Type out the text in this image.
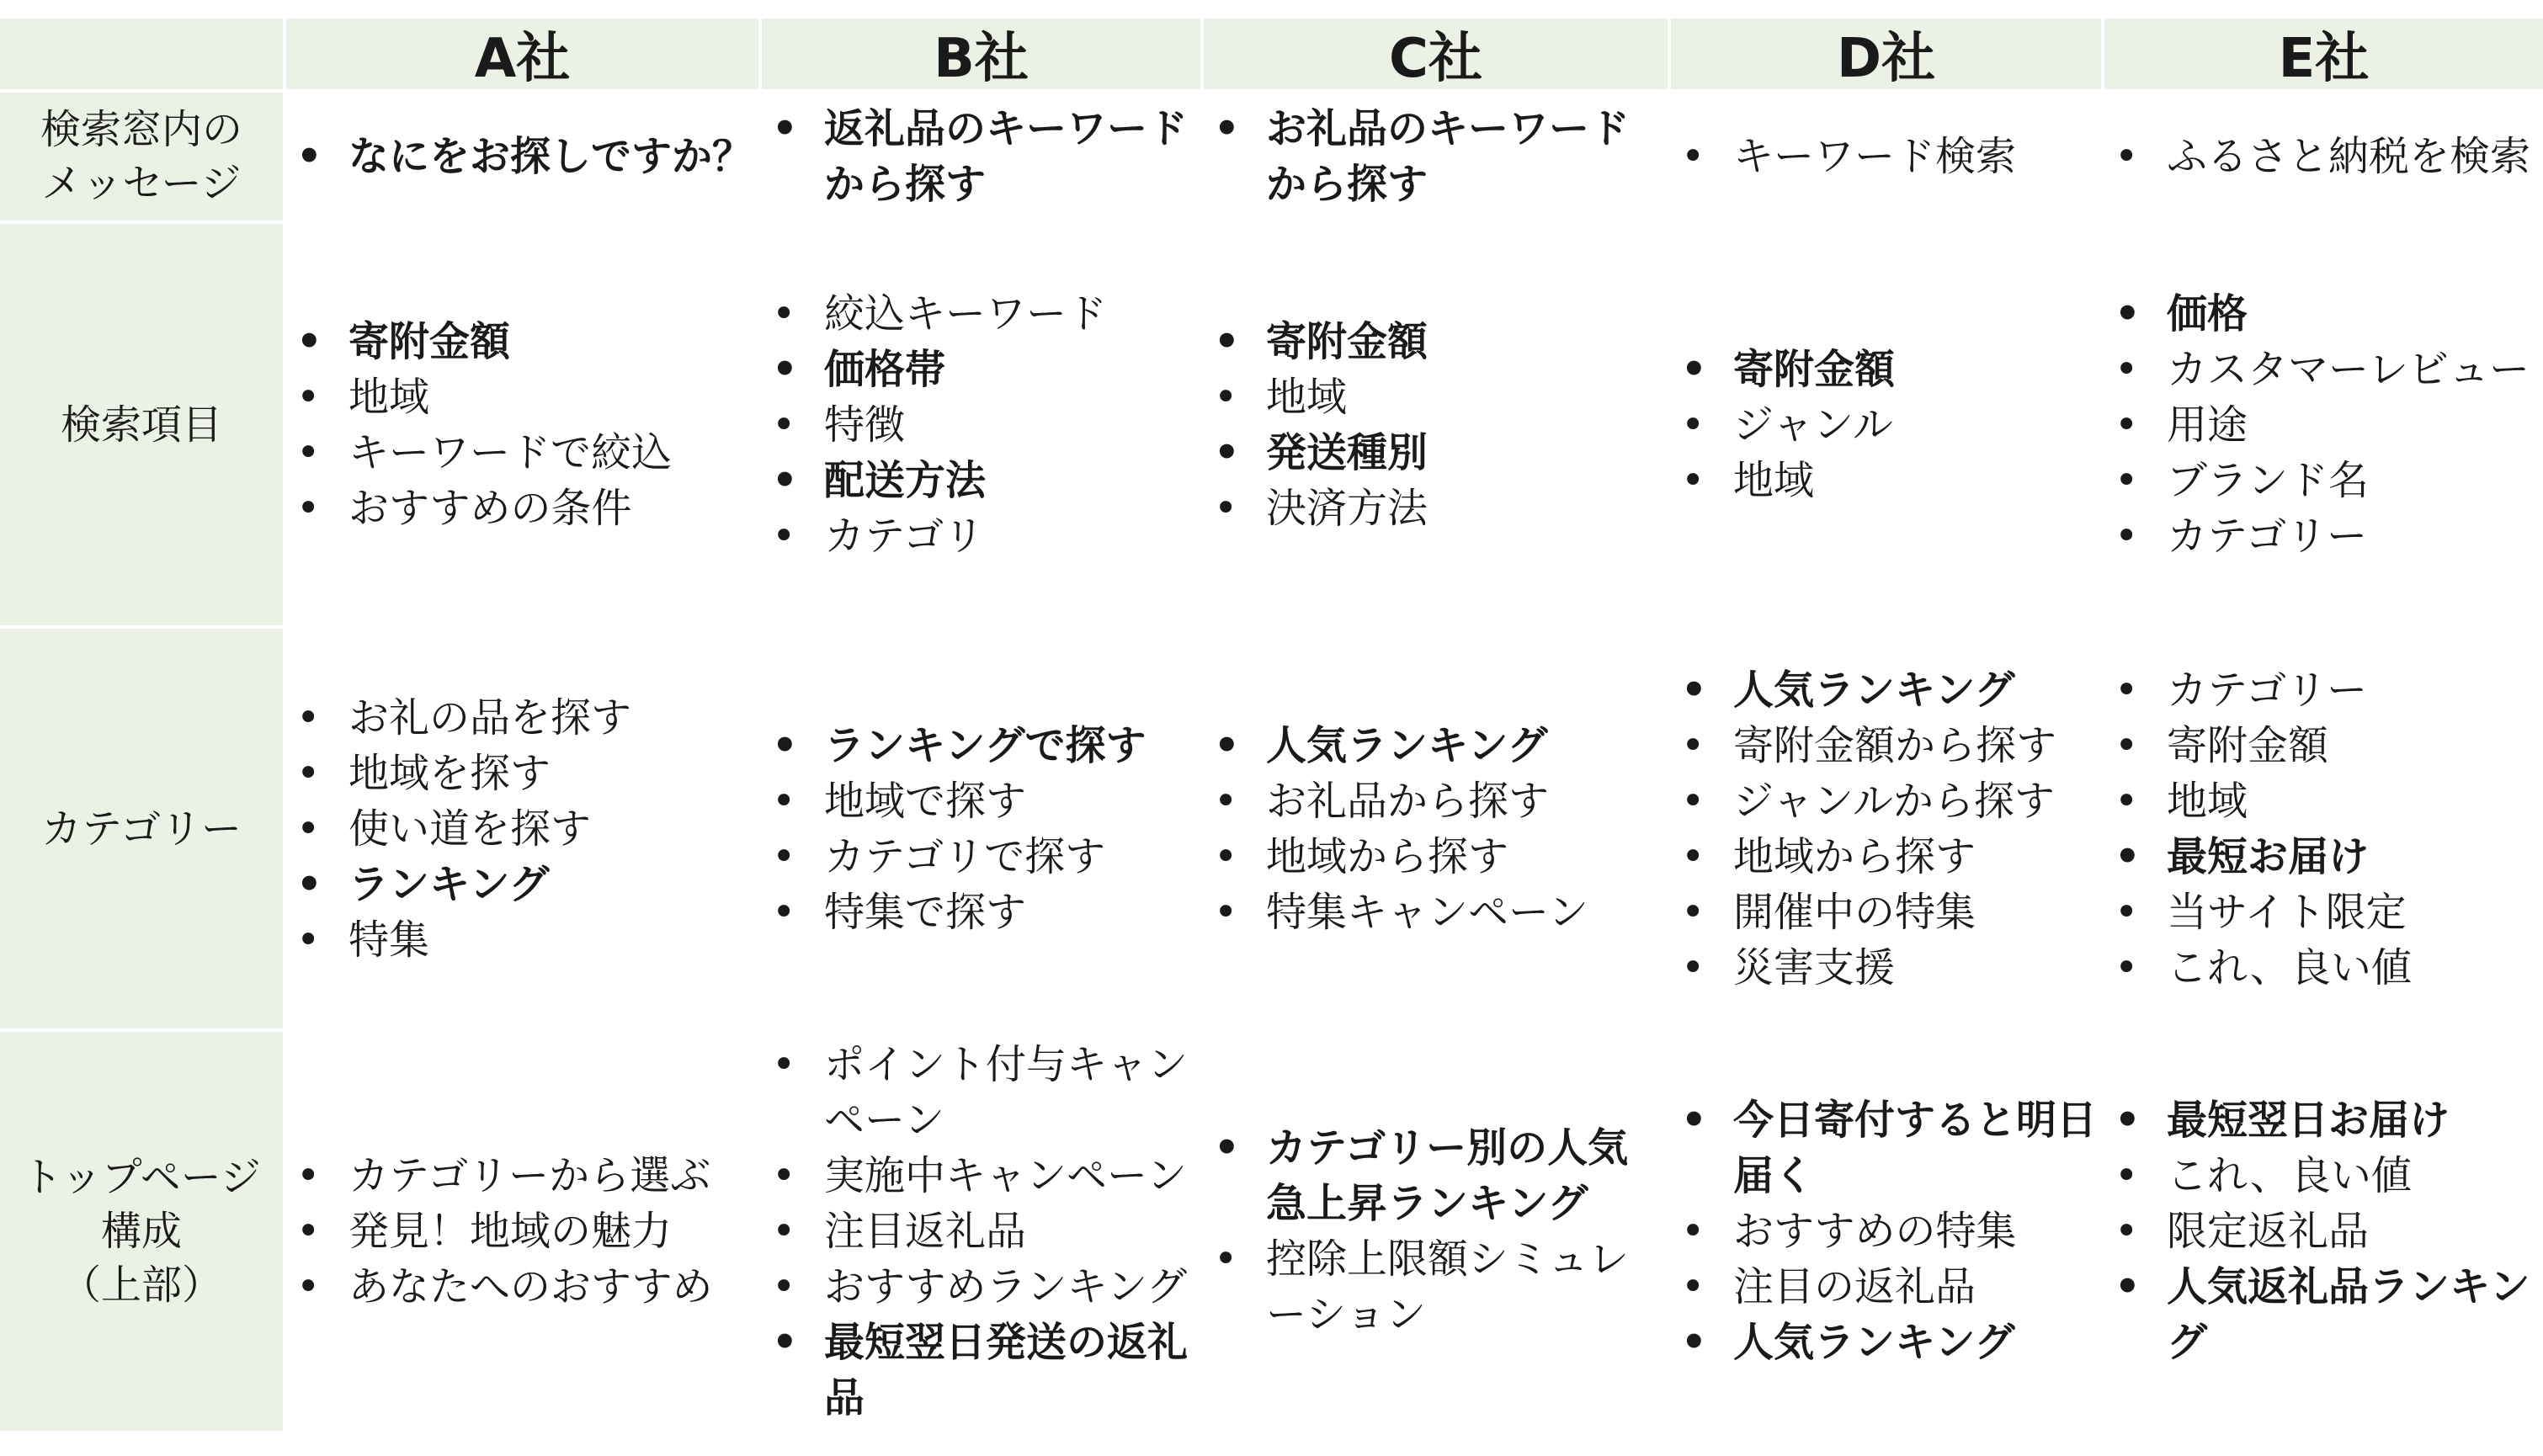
A社	B社	C社	D社	E社
検索窓内の
メッセージ
• なにをお探しですか？
• 返礼品のキーワードから探す
• お礼品のキーワードから探す
• キーワード検索
•	ふるさと納税を検索
検索項目
• 寄附金額
• 地域
• キーワードで絞込
• おすすめの条件
• 絞込キーワード
• 価格帯
• 特徴
• 配送方法
• カテゴリ
• 寄附金額
• 地域
• 発送種別
• 決済方法
• 寄附金額
• ジャンル
• 地域
• 価格
• カスタマーレビュー
• 用途
• ブランド名
• カテゴリー
カテゴリー
• お礼の品を探す
• 地域を探す
• 使い道を探す
• ランキング
• 特集
• ランキングで探す
• 地域で探す
• カテゴリで探す
• 特集で探す
• 人気ランキング
• お礼品から探す
• 地域から探す
• 特集キャンペーン
• 人気ランキング
• 寄附金額から探す
• ジャンルから探す
• 地域から探す
• 開催中の特集
• 災害支援
• カテゴリー
• 寄附金額
• 地域
• 最短お届け
• 当サイト限定
• これ、良い値
トップページ
構成
（上部）
• カテゴリーから選ぶ
• 発見！地域の魅力
• あなたへのおすすめ
• ポイント付与キャンペーン
• 実施中キャンペーン
• 注目返礼品
• おすすめランキング
• 最短翌日発送の返礼品
• カテゴリー別の人気急上昇ランキング
• 控除上限額シミュレーション
• 今日寄付すると明日届く
• おすすめの特集
• 注目の返礼品
• 人気ランキング
• 最短翌日お届け
• これ、良い値
• 限定返礼品
• 人気返礼品ランキング
